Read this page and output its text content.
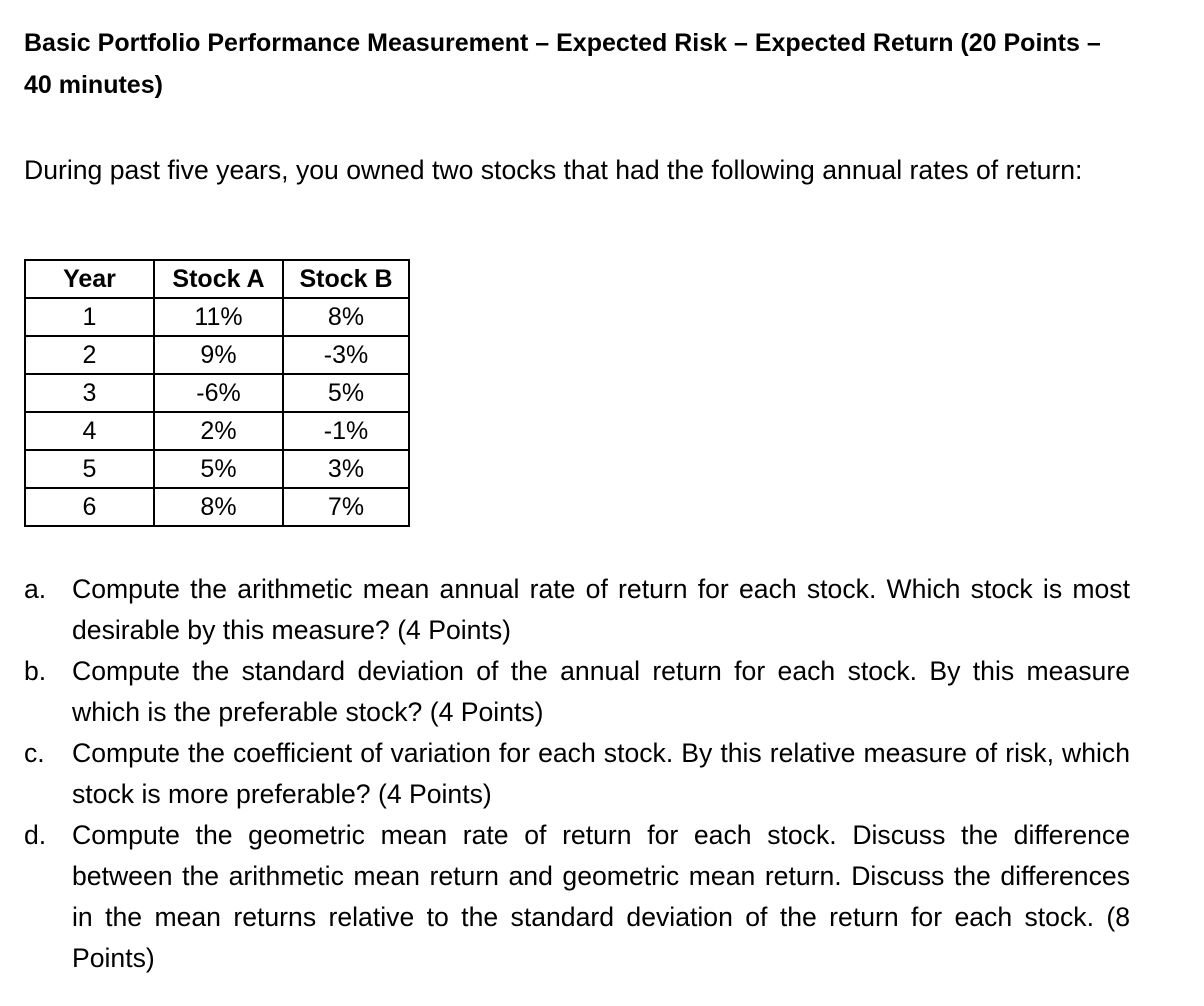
Basic Portfolio Performance Measurement – Expected Risk – Expected Return (20 Points – 40 minutes)

During past five years, you owned two stocks that had the following annual rates of return:

Year	Stock A	Stock B
1	11%	8%
2	9%	-3%
3	-6%	5%
4	2%	-1%
5	5%	3%
6	8%	7%
a. Compute the arithmetic mean annual rate of return for each stock. Which stock is most desirable by this measure? (4 Points)
b. Compute the standard deviation of the annual return for each stock. By this measure which is the preferable stock? (4 Points)
c.	Compute the coefficient of variation for each stock. By this relative measure of risk, which stock is more preferable? (4 Points)
d. Compute the geometric mean rate of return for each stock. Discuss the difference between the arithmetic mean return and geometric mean return. Discuss the differences in the mean returns relative to the standard deviation of the return for each stock. (8 Points)
